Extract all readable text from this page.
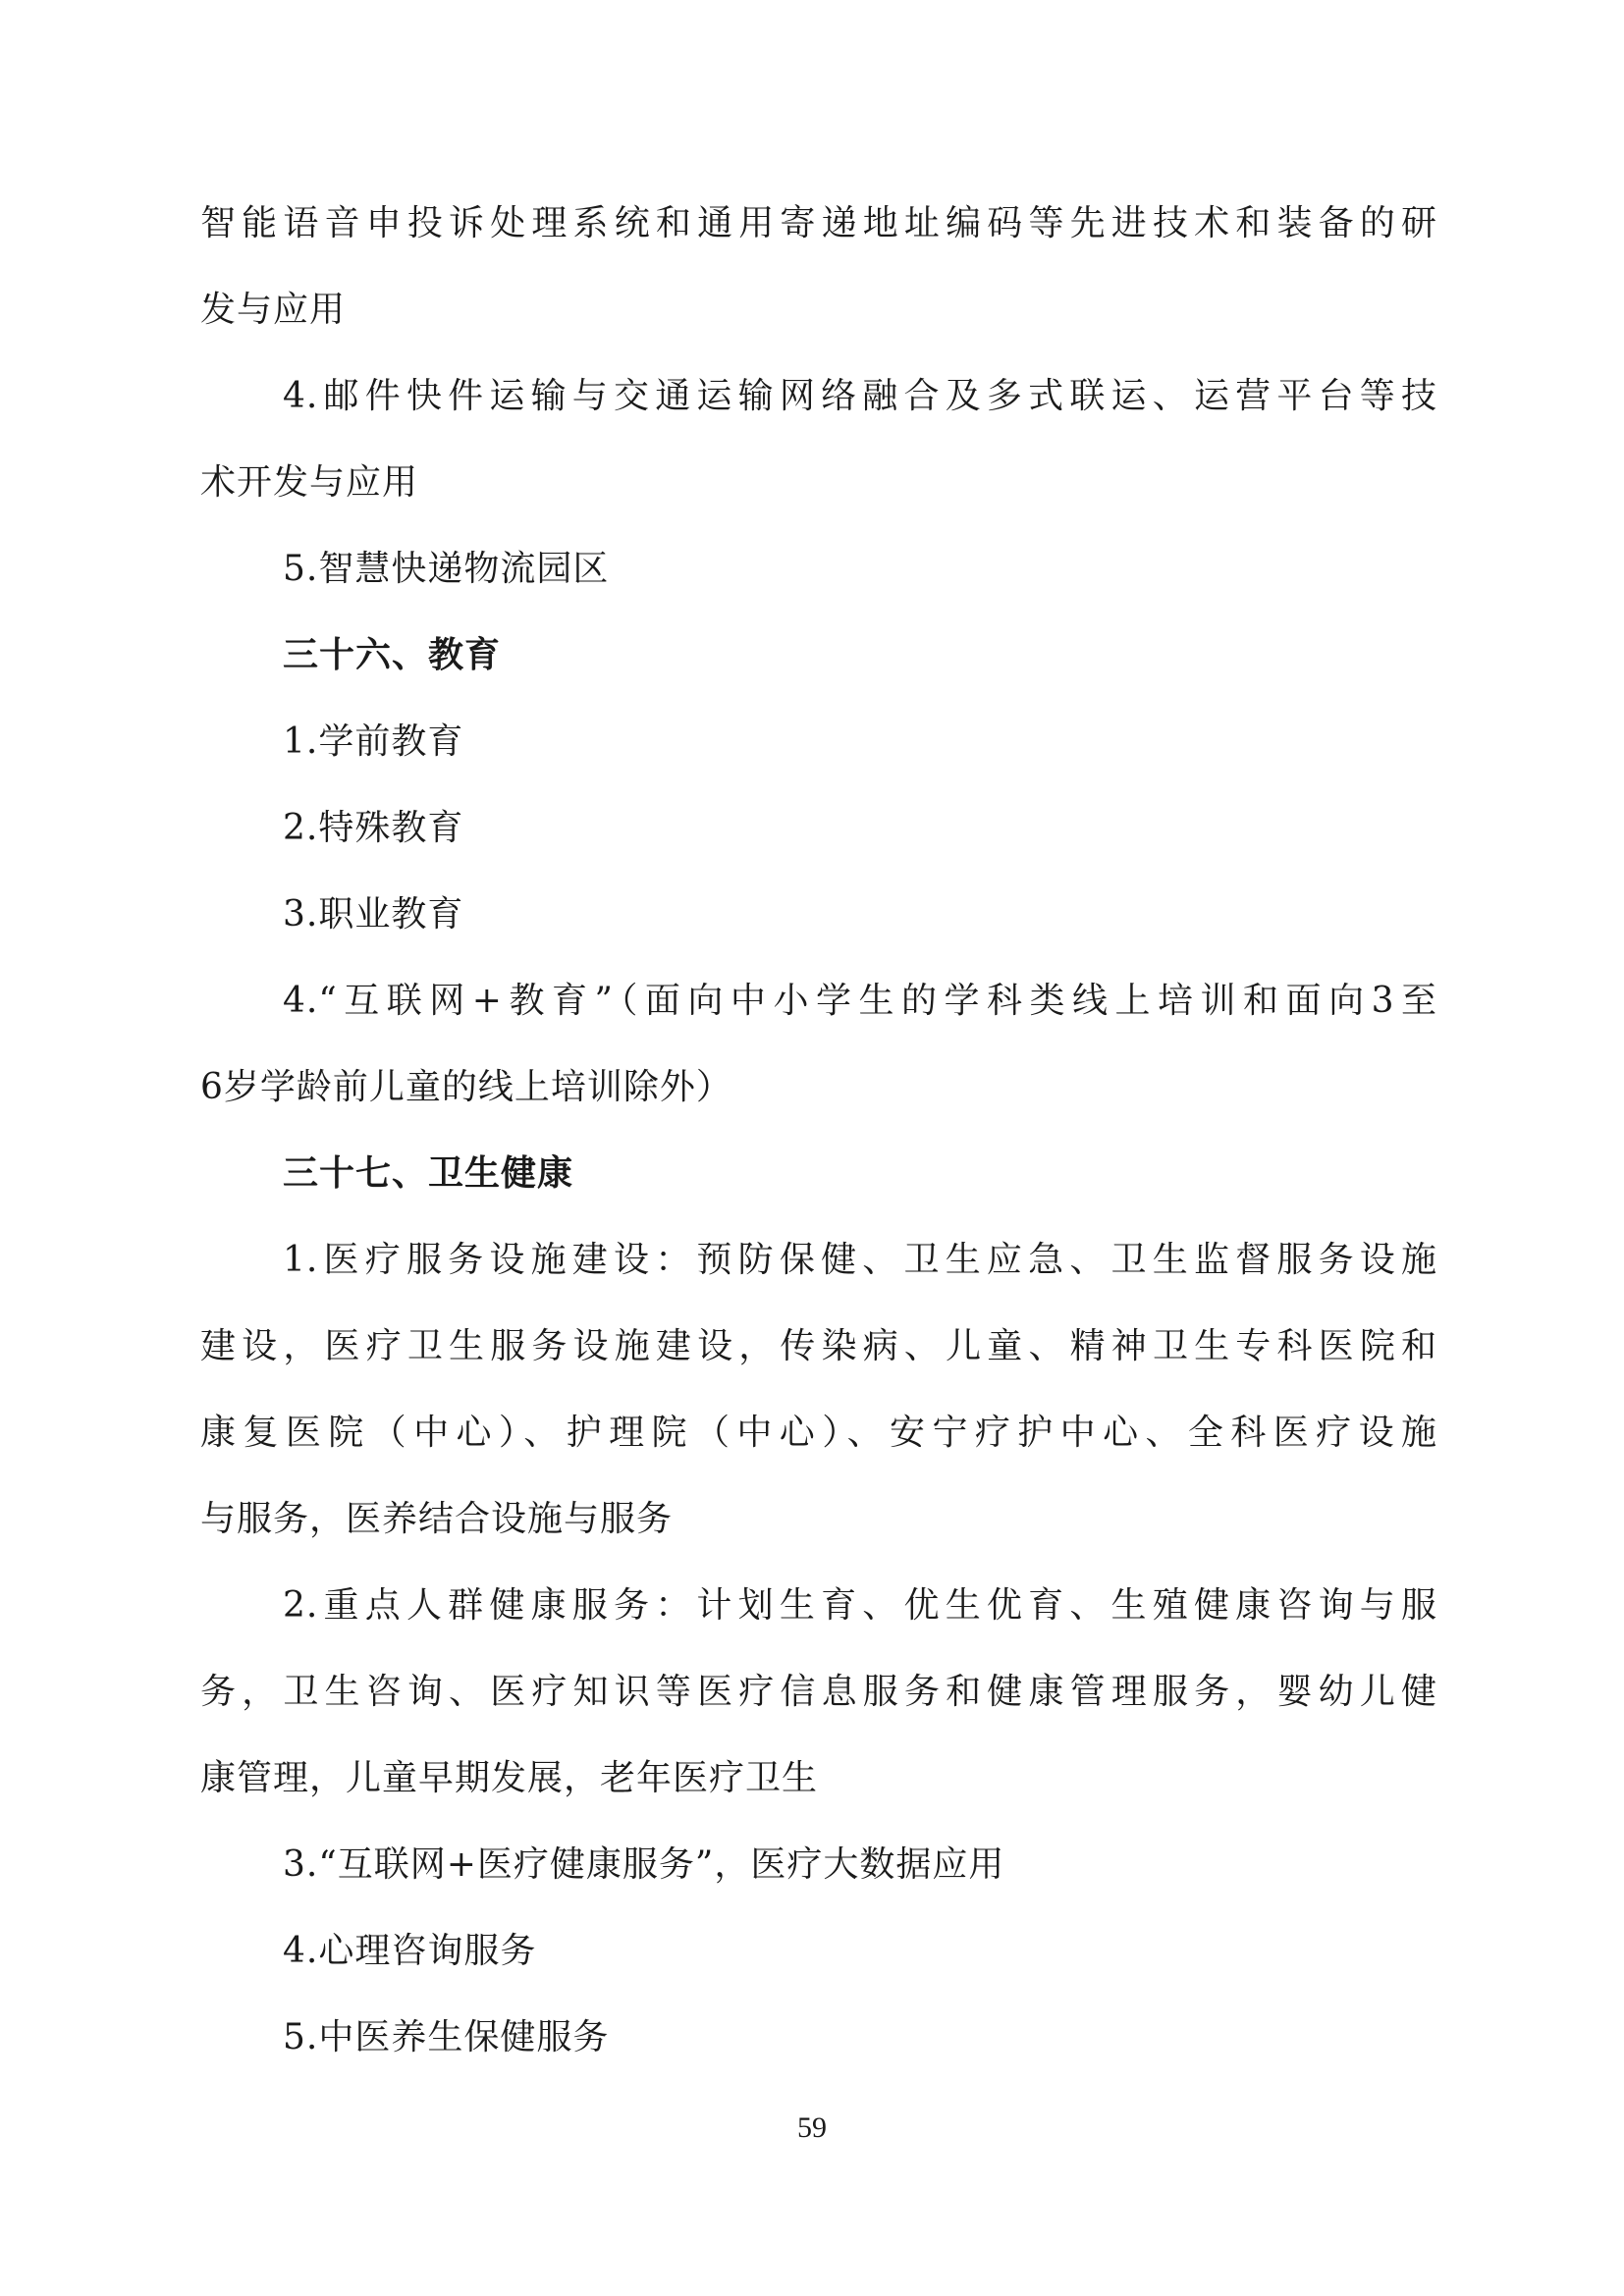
智能语音申投诉处理系统和通用寄递地址编码等先进技术和装备的研
发与应用
4.邮件快件运输与交通运输网络融合及多式联运、运营平台等技
术开发与应用
5.智慧快递物流园区
三十六、教育
1.学前教育
2.特殊教育
3.职业教育
4.“互联网+教育”（面向中小学生的学科类线上培训和面向3至
6岁学龄前儿童的线上培训除外）
三十七、卫生健康
1.医疗服务设施建设：预防保健、卫生应急、卫生监督服务设施
建设，医疗卫生服务设施建设，传染病、儿童、精神卫生专科医院和
康复医院（中心）、护理院（中心）、安宁疗护中心、全科医疗设施
与服务，医养结合设施与服务
2.重点人群健康服务：计划生育、优生优育、生殖健康咨询与服
务，卫生咨询、医疗知识等医疗信息服务和健康管理服务，婴幼儿健
康管理，儿童早期发展，老年医疗卫生
3.“互联网+医疗健康服务”，医疗大数据应用
4.心理咨询服务
5.中医养生保健服务
59
